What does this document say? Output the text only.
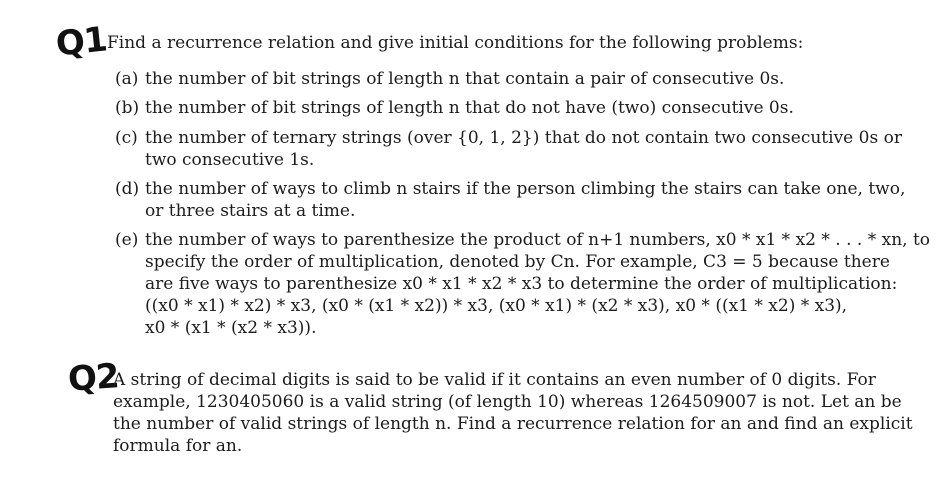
Q1
Q2
Find a recurrence relation and give initial conditions for the following problems:
(a) the number of bit strings of length n that contain a pair of consecutive 0s.
(b) the number of bit strings of length n that do not have (two) consecutive 0s.
(c) the number of ternary strings (over {0, 1, 2}) that do not contain two consecutive 0s or
two consecutive 1s.
(d) the number of ways to climb n stairs if the person climbing the stairs can take one, two,
or three stairs at a time.
(e) the number of ways to parenthesize the product of n+1 numbers, x0 * x1 * x2 * . . . * xn, to
specify the order of multiplication, denoted by Cn. For example, C3 = 5 because there
are five ways to parenthesize x0 * x1 * x2 * x3 to determine the order of multiplication:
((x0 * x1) * x2) * x3, (x0 * (x1 * x2)) * x3, (x0 * x1) * (x2 * x3), x0 * ((x1 * x2) * x3),
x0 * (x1 * (x2 * x3)).
A string of decimal digits is said to be valid if it contains an even number of 0 digits. For
example, 1230405060 is a valid string (of length 10) whereas 1264509007 is not. Let an be
the number of valid strings of length n. Find a recurrence relation for an and find an explicit
formula for an.
